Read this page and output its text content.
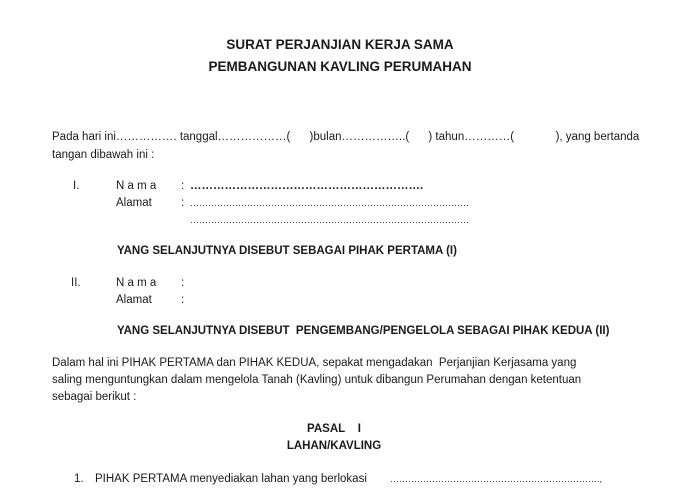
SURAT PERJANJIAN KERJA SAMA
PEMBANGUNAN KAVLING PERUMAHAN
Pada hari ini……………. tanggal………………(      )bulan……………..(      ) tahun…………(             ), yang bertanda
tangan dibawah ini :
I.	N a m a : …………………………………………………….
Alamat	: …………………………………………………………………………………
…………………………………………………………………………………
YANG SELANJUTNYA DISEBUT SEBAGAI PIHAK PERTAMA (I)
II.	N a m a :
Alamat	:
YANG SELANJUTNYA DISEBUT  PENGEMBANG/PENGELOLA SEBAGAI PIHAK KEDUA (II)
Dalam hal ini PIHAK PERTAMA dan PIHAK KEDUA, sepakat mengadakan  Perjanjian Kerjasama yang
saling menguntungkan dalam mengelola Tanah (Kavling) untuk dibangun Perumahan dengan ketentuan
sebagai berikut :
PASAL    I
LAHAN/KAVLING
1. PIHAK PERTAMA menyediakan lahan yang berlokasi	…………………………………………………………….,
